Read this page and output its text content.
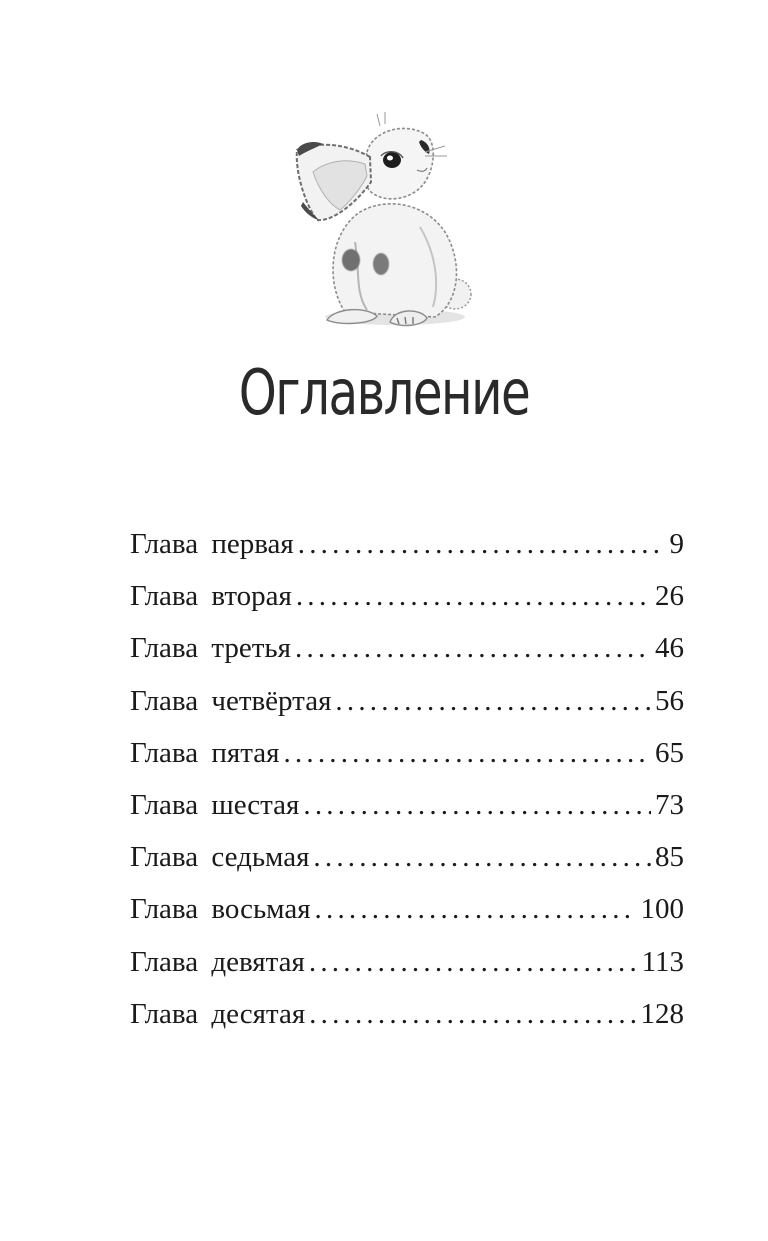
Оглавление
Глава первая .....	9
Глава вторая .....	26
Глава третья .....	46
Глава четвёртая .....	56
Глава пятая .....	65
Глава шестая .....	73
Глава седьмая .....	85
Глава восьмая .....	100
Глава девятая .....	113
Глава десятая .....	128
